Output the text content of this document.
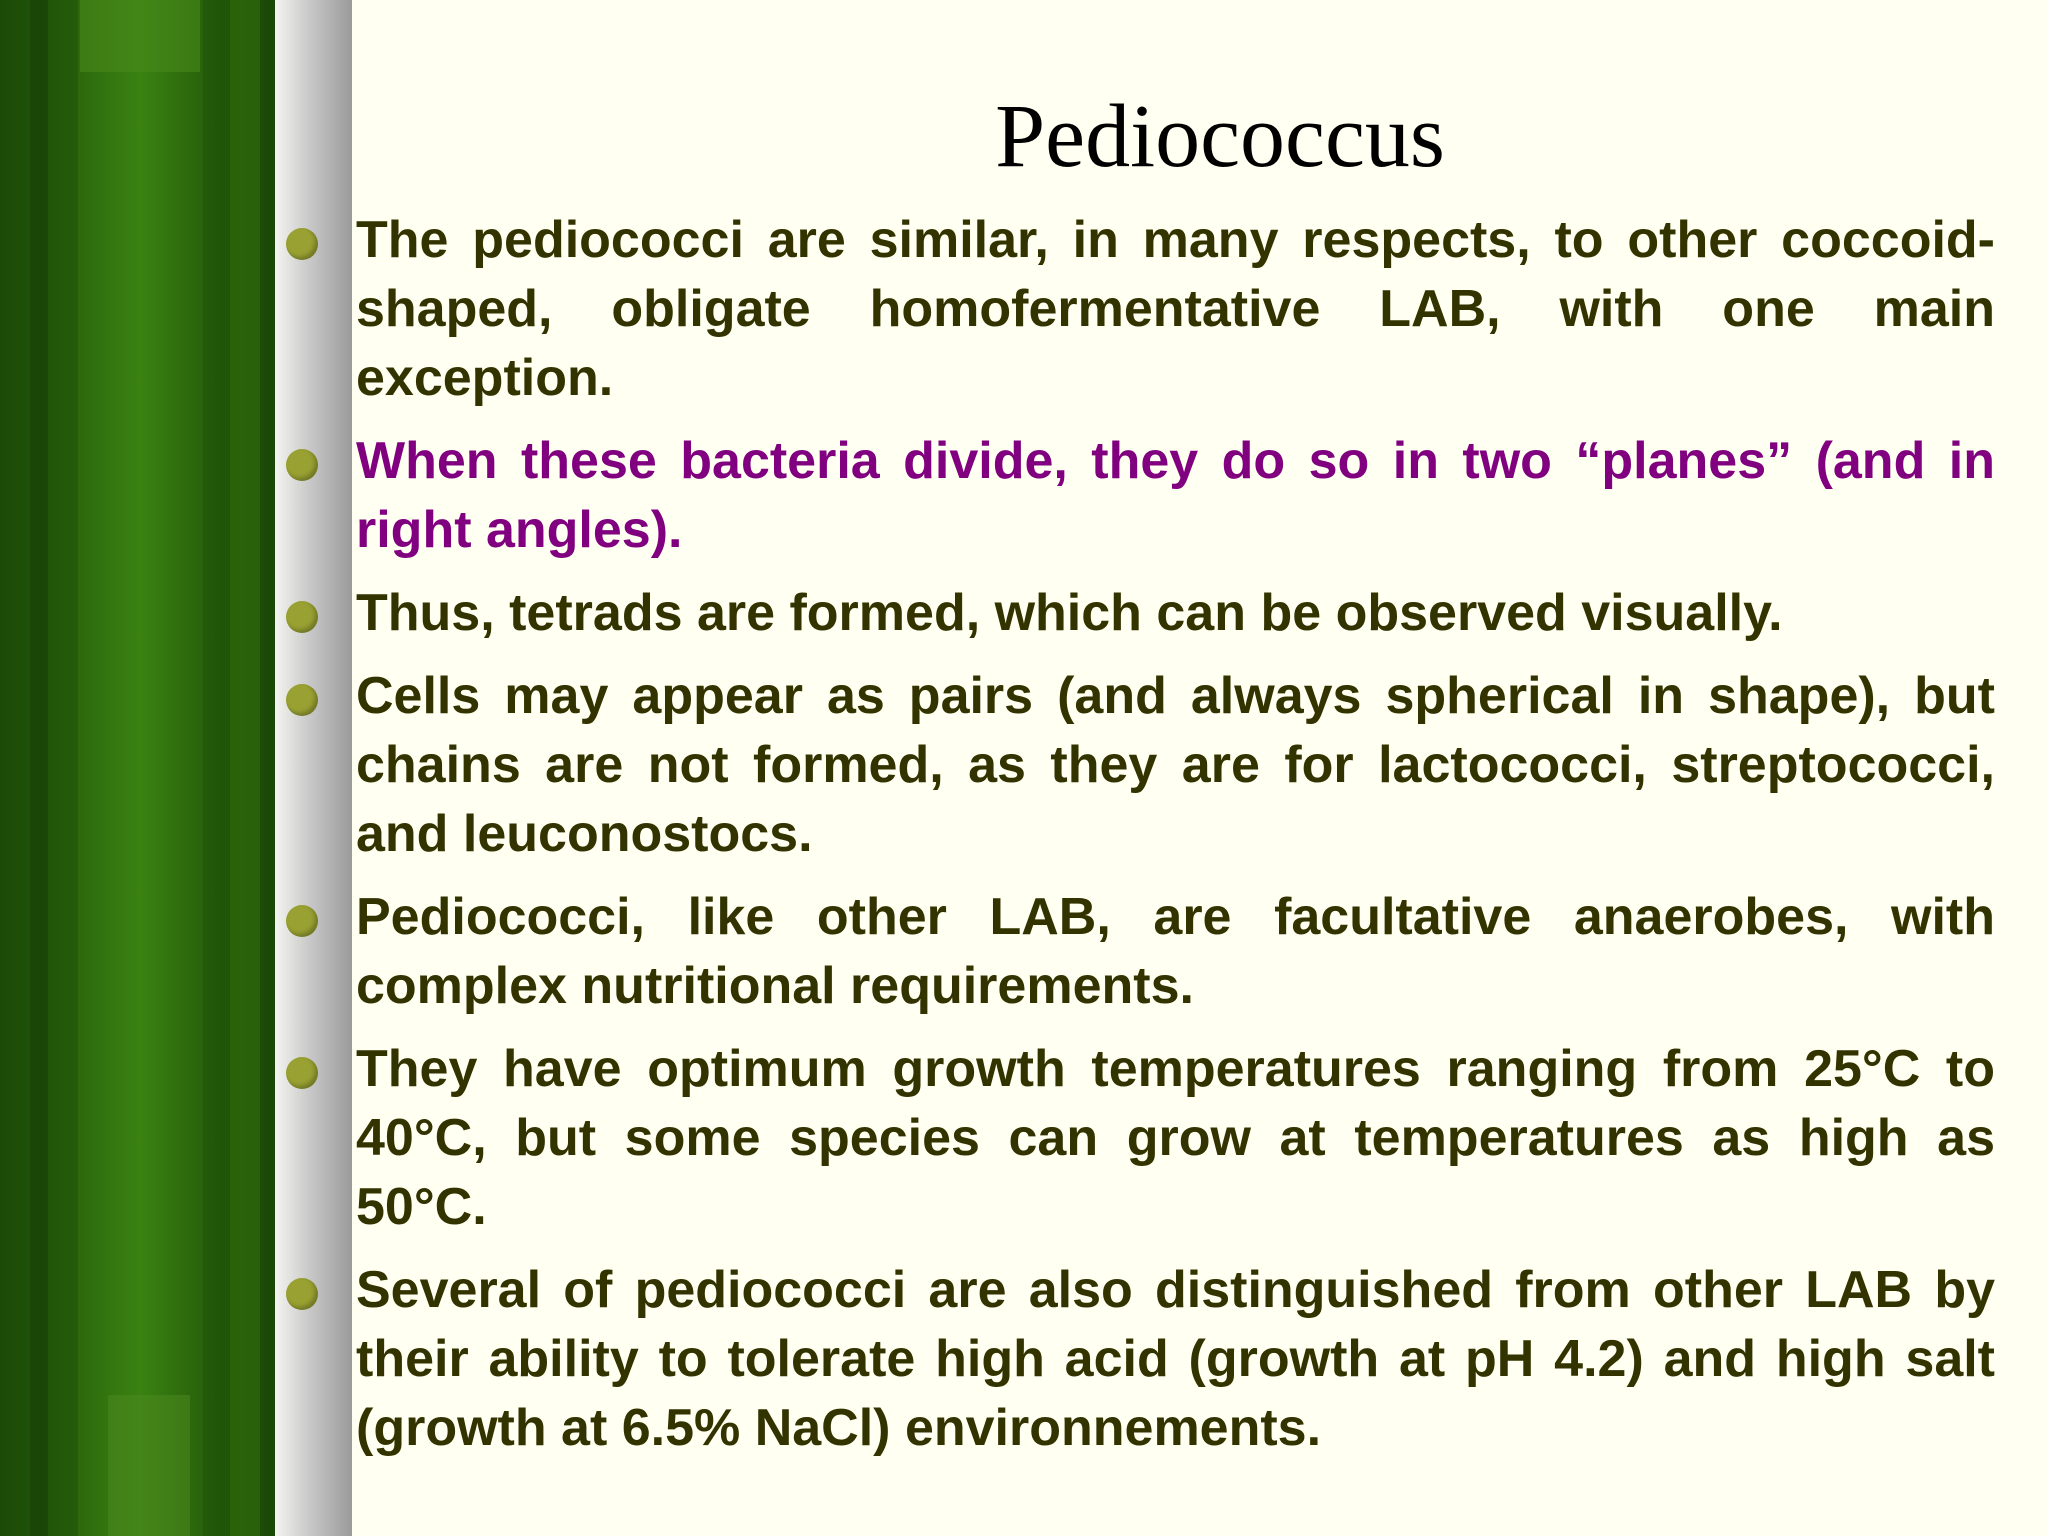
Pediococcus
The pediococci are similar, in many respects, to other coccoid-shaped, obligate homofermentative LAB, with one main exception.
When these bacteria divide, they do so in two “planes” (and in right angles).
Thus, tetrads are formed, which can be observed visually.
Cells may appear as pairs (and always spherical in shape), but chains are not formed, as they are for lactococci, streptococci, and leuconostocs.
Pediococci, like other LAB, are facultative anaerobes, with complex nutritional requirements.
They have optimum growth temperatures ranging from 25°C to 40°C, but some species can grow at temperatures as high as 50°C.
Several of pediococci are also distinguished from other LAB by their ability to tolerate high acid (growth at pH 4.2) and high salt (growth at 6.5% NaCl) environnements.
